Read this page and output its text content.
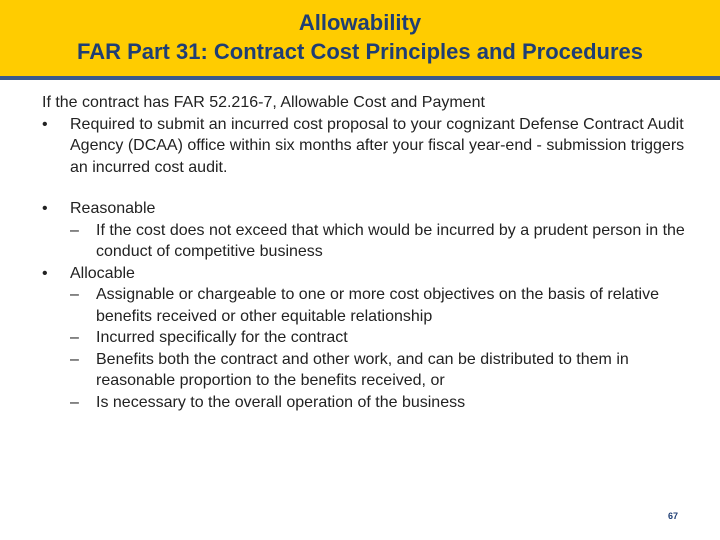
Allowability
FAR Part 31: Contract Cost Principles and Procedures

If the contract has FAR 52.216-7, Allowable Cost and Payment

•	Required to submit an incurred cost proposal to your cognizant Defense Contract Audit Agency (DCAA) office within six months after your fiscal year-end - submission triggers an incurred cost audit.
•	Reasonable
–	If the cost does not exceed that which would be incurred by a prudent person in the conduct of competitive business
•	Allocable
–	Assignable or chargeable to one or more cost objectives on the basis of relative benefits received or other equitable relationship
–	Incurred specifically for the contract
–	Benefits both the contract and other work, and can be distributed to them in reasonable proportion to the benefits received, or
–	Is necessary to the overall operation of the business
67
